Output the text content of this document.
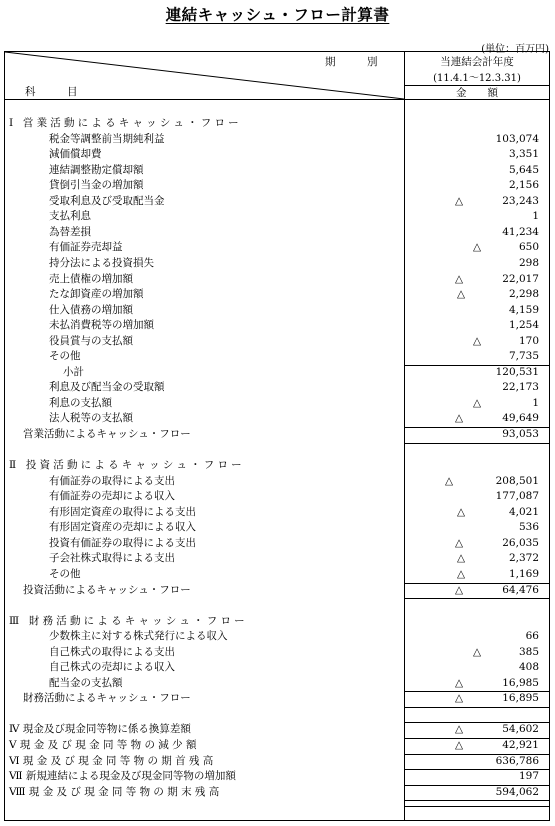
連結キャッシュ・フロー計算書
(単位：百万円)
期　　　別
科　　　目
当連結会計年度
(11.4.1～12.3.31)
金　　額
Ⅰ 営業活動によるキャッシュ・フロー
税金等調整前当期純利益	103,074
減価償却費	3,351
連結調整勘定償却額	5,645
貸倒引当金の増加額	2,156
受取利息及び受取配当金	△	23,243
支払利息	1
為替差損	41,234
有価証券売却益	△	650
持分法による投資損失	298
売上債権の増加額	△	22,017
たな卸資産の増加額	△	2,298
仕入債務の増加額	4,159
未払消費税等の増加額	1,254
役員賞与の支払額	△	170
その他	7,735
小計	120,531
利息及び配当金の受取額	22,173
利息の支払額	△	1
法人税等の支払額	△	49,649
営業活動によるキャッシュ・フロー	93,053
Ⅱ 投資活動によるキャッシュ・フロー
有価証券の取得による支出	△	208,501
有価証券の売却による収入	177,087
有形固定資産の取得による支出	△	4,021
有形固定資産の売却による収入	536
投資有価証券の取得による支出	△	26,035
子会社株式取得による支出	△	2,372
その他	△	1,169
投資活動によるキャッシュ・フロー	△	64,476
Ⅲ 財務活動によるキャッシュ・フロー
少数株主に対する株式発行による収入	66
自己株式の取得による支出	△	385
自己株式の売却による収入	408
配当金の支払額	△	16,985
財務活動によるキャッシュ・フロー	△	16,895
Ⅳ 現金及び現金同等物に係る換算差額	△	54,602
Ⅴ 現 金 及 び 現 金 同 等 物 の 減 少 額	△	42,921
Ⅵ 現 金 及 び 現 金 同 等 物 の 期 首 残 高	636,786
Ⅶ 新規連結による現金及び現金同等物の増加額	197
Ⅷ 現 金 及 び 現 金 同 等 物 の 期 末 残 高	594,062
